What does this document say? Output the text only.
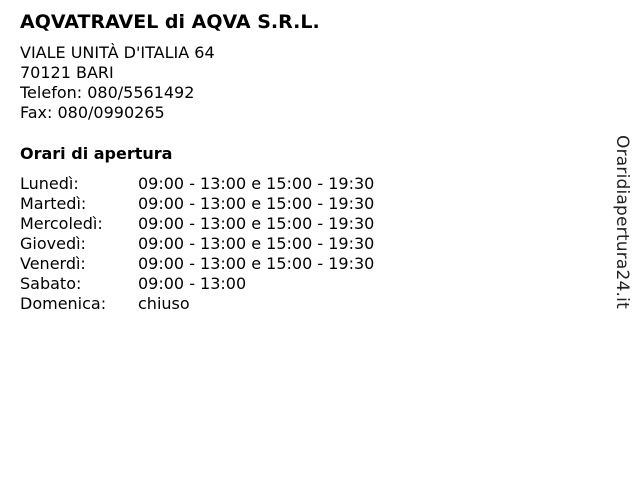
AQVATRAVEL di AQVA S.R.L.
VIALE UNITÀ D'ITALIA 64
70121 BARI
Telefon: 080/5561492
Fax: 080/0990265
Orari di apertura
Lunedì:	09:00 - 13:00 e 15:00 - 19:30
Martedì:	09:00 - 13:00 e 15:00 - 19:30
Mercoledì:	09:00 - 13:00 e 15:00 - 19:30
Giovedì:	09:00 - 13:00 e 15:00 - 19:30
Venerdì:	09:00 - 13:00 e 15:00 - 19:30
Sabato:	09:00 - 13:00
Domenica:	chiuso	Oraridiapertura24.it
